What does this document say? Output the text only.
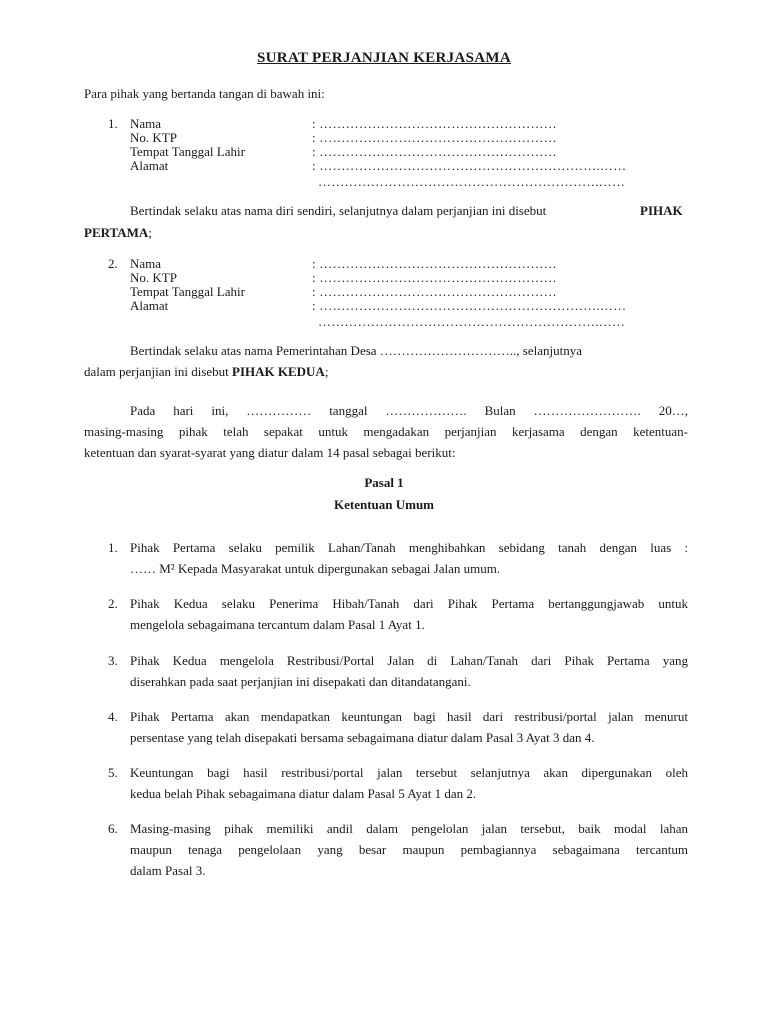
SURAT PERJANJIAN KERJASAMA
Para pihak yang bertanda tangan di bawah ini:
1. Nama	: ………………………………………………
No. KTP	: ………………………………………………
Tempat Tanggal Lahir	: ………………………………………………
Alamat	: ……………………………………………………….……
……………………………………………………….……
Bertindak selaku atas nama diri sendiri, selanjutnya dalam perjanjian ini disebut	PIHAK
PERTAMA;
2. Nama	: ………………………………………………
No. KTP	: ………………………………………………
Tempat Tanggal Lahir	: ………………………………………………
Alamat	: ……………………………………………………….……
……………………………………………………….……
Bertindak selaku atas nama Pemerintahan Desa ………………………….., selanjutnya
dalam perjanjian ini disebut PIHAK KEDUA;
Pada hari ini, …………… tanggal ………………. Bulan ……………………. 20…,
masing-masing pihak telah sepakat untuk mengadakan perjanjian kerjasama dengan ketentuan-
ketentuan dan syarat-syarat yang diatur dalam 14 pasal sebagai berikut:
Pasal 1
Ketentuan Umum
1. Pihak Pertama selaku pemilik Lahan/Tanah menghibahkan sebidang tanah dengan luas :
…… M² Kepada Masyarakat untuk dipergunakan sebagai Jalan umum.
2. Pihak Kedua selaku Penerima Hibah/Tanah dari Pihak Pertama bertanggungjawab untuk
mengelola sebagaimana tercantum dalam Pasal 1 Ayat 1.
3. Pihak Kedua mengelola Restribusi/Portal Jalan di Lahan/Tanah dari Pihak Pertama yang
diserahkan pada saat perjanjian ini disepakati dan ditandatangani.
4. Pihak Pertama akan mendapatkan keuntungan bagi hasil dari restribusi/portal jalan menurut
persentase yang telah disepakati bersama sebagaimana diatur dalam Pasal 3 Ayat 3 dan 4.
5. Keuntungan bagi hasil restribusi/portal jalan tersebut selanjutnya akan dipergunakan oleh
kedua belah Pihak sebagaimana diatur dalam Pasal 5 Ayat 1 dan 2.
6. Masing-masing pihak memiliki andil dalam pengelolan jalan tersebut, baik modal lahan
maupun tenaga pengelolaan yang besar maupun pembagiannya sebagaimana tercantum
dalam Pasal 3.
